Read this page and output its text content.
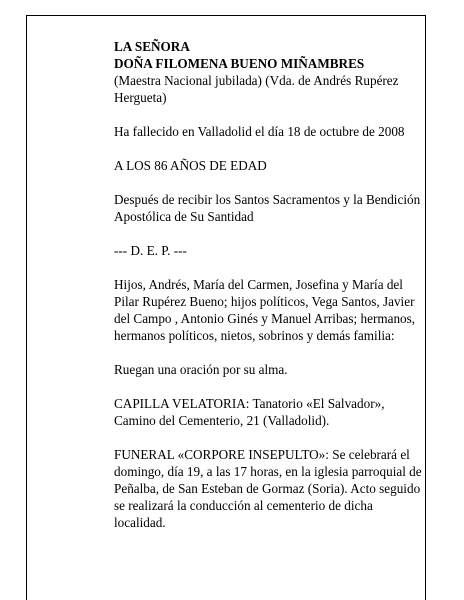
LA SEÑORA

DOÑA FILOMENA BUENO MIÑAMBRES

(Maestra Nacional jubilada) (Vda. de Andrés Rupérez Hergueta)

Ha fallecido en Valladolid el día 18 de octubre de 2008

A LOS 86 AÑOS DE EDAD

Después de recibir los Santos Sacramentos y la Bendición Apostólica de Su Santidad

--- D. E. P. ---

Hijos, Andrés, María del Carmen, Josefina y María del Pilar Rupérez Bueno; hijos políticos, Vega Santos, Javier del Campo , Antonio Ginés y Manuel Arribas; hermanos, hermanos políticos, nietos, sobrinos y demás familia:

Ruegan una oración por su alma.

CAPILLA VELATORIA: Tanatorio «El Salvador», Camino del Cementerio, 21 (Valladolid).

FUNERAL «CORPORE INSEPULTO»: Se celebrará el domingo, día 19, a las 17 horas, en la iglesia parroquial de Peñalba, de San Esteban de Gormaz (Soria). Acto seguido se realizará la conducción al cementerio de dicha localidad.
